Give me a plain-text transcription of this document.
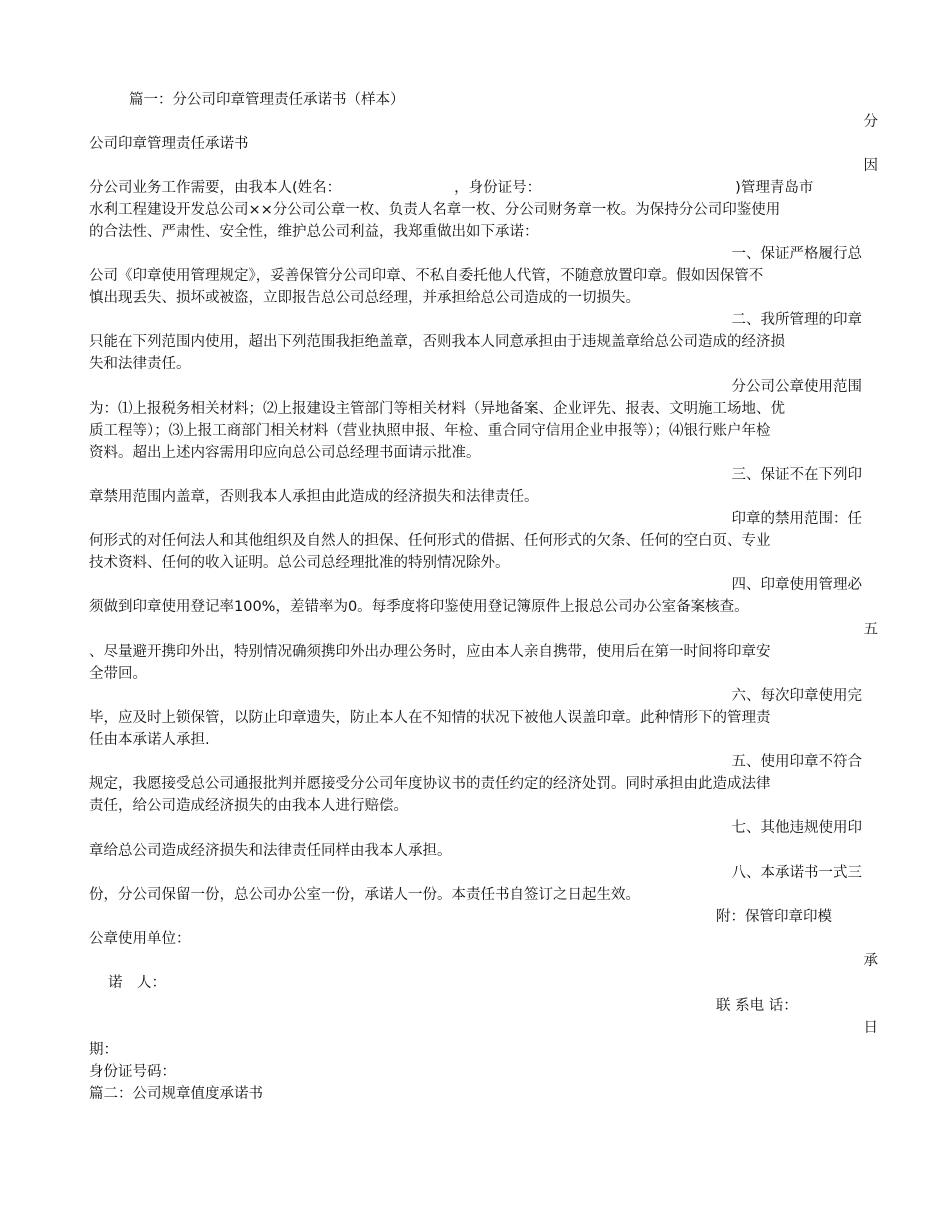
篇一：分公司印章管理责任承诺书（样本）
分
公司印章管理责任承诺书
因
分公司业务工作需要，由我本人(姓名：	，身份证号：	)管理青岛市
水利工程建设开发总公司××分公司公章一枚、负责人名章一枚、分公司财务章一枚。为保持分公司印鉴使用
的合法性、严肃性、安全性，维护总公司利益，我郑重做出如下承诺：
一、保证严格履行总
公司《印章使用管理规定》，妥善保管分公司印章、不私自委托他人代管，不随意放置印章。假如因保管不
慎出现丢失、损坏或被盗，立即报告总公司总经理，并承担给总公司造成的一切损失。
二、我所管理的印章
只能在下列范围内使用，超出下列范围我拒绝盖章，否则我本人同意承担由于违规盖章给总公司造成的经济损
失和法律责任。
分公司公章使用范围
为：⑴上报税务相关材料；⑵上报建设主管部门等相关材料（异地备案、企业评先、报表、文明施工场地、优
质工程等）；⑶上报工商部门相关材料（营业执照申报、年检、重合同守信用企业申报等）；⑷银行账户年检
资料。超出上述内容需用印应向总公司总经理书面请示批准。
三、保证不在下列印
章禁用范围内盖章，否则我本人承担由此造成的经济损失和法律责任。
印章的禁用范围：任
何形式的对任何法人和其他组织及自然人的担保、任何形式的借据、任何形式的欠条、任何的空白页、专业
技术资料、任何的收入证明。总公司总经理批准的特别情况除外。
四、印章使用管理必
须做到印章使用登记率100%，差错率为0。每季度将印鉴使用登记簿原件上报总公司办公室备案核查。
五
、尽量避开携印外出，特别情况确须携印外出办理公务时，应由本人亲自携带，使用后在第一时间将印章安
全带回。
六、每次印章使用完
毕，应及时上锁保管，以防止印章遗失，防止本人在不知情的状况下被他人误盖印章。此种情形下的管理责
任由本承诺人承担.
五、使用印章不符合
规定，我愿接受总公司通报批判并愿接受分公司年度协议书的责任约定的经济处罚。同时承担由此造成法律
责任，给公司造成经济损失的由我本人进行赔偿。
七、其他违规使用印
章给总公司造成经济损失和法律责任同样由我本人承担。
八、本承诺书一式三
份，分公司保留一份，总公司办公室一份，承诺人一份。本责任书自签订之日起生效。
附：保管印章印模
公章使用单位：
承
诺　人：
联 系电 话：
日
期：
身份证号码：
篇二：公司规章值度承诺书
